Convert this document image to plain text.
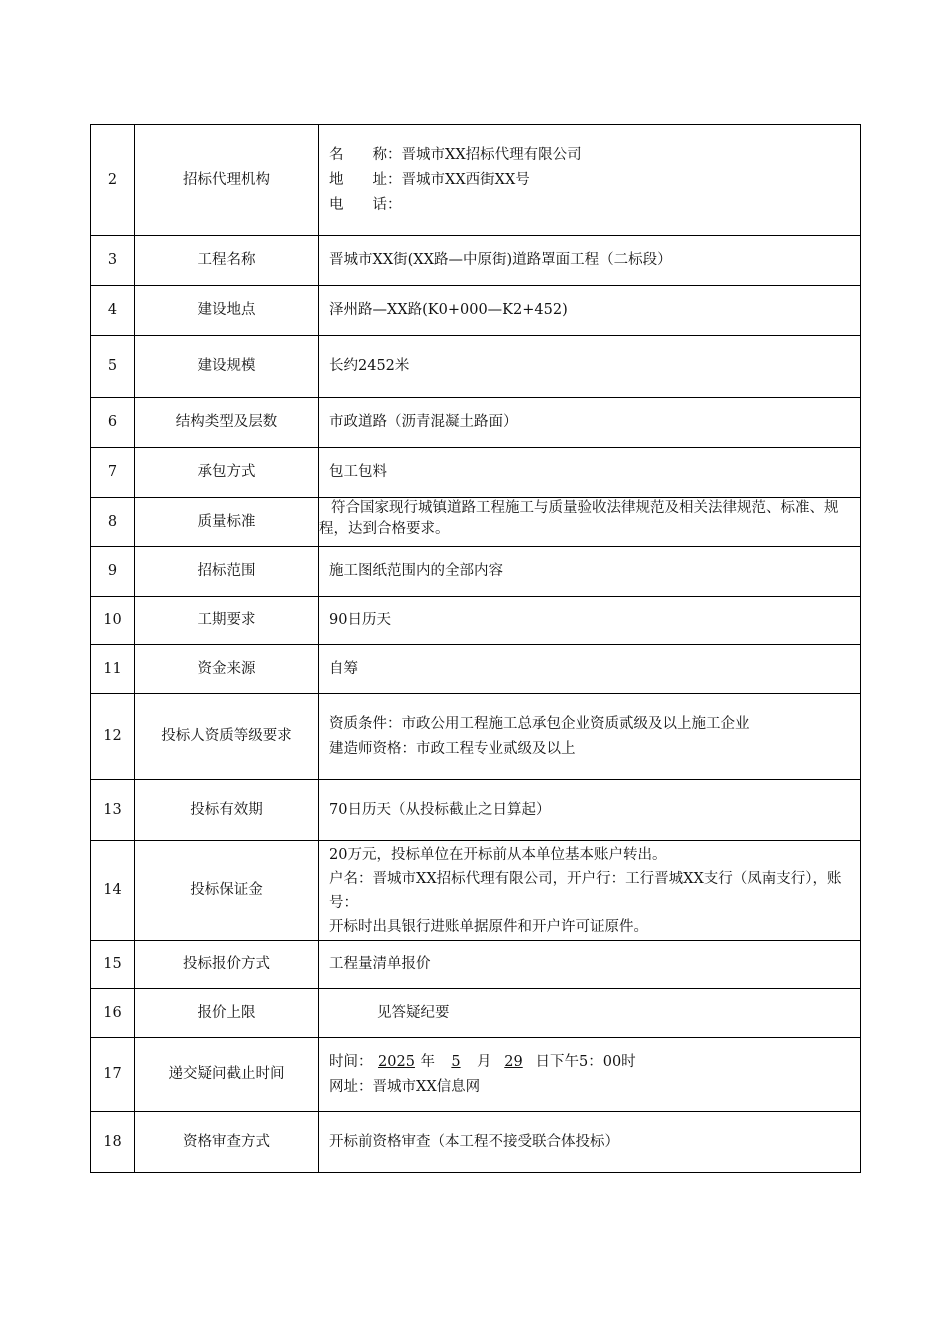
2	招标代理机构	名　　称：晋城市XX招标代理有限公司
地　　址：晋城市XX西街XX号
电　　话：

3	工程名称	晋城市XX街(XX路—中原街)道路罩面工程（二标段）

4	建设地点	泽州路—XX路(K0+000—K2+452)

5	建设规模	长约2452米

6	结构类型及层数	市政道路（沥青混凝土路面）

7	承包方式	包工包料

8	质量标准	符合国家现行城镇道路工程施工与质量验收法律规范及相关法律规范、标准、规程，达到合格要求。

9	招标范围	施工图纸范围内的全部内容

10	工期要求	90日历天

11	资金来源	自筹

12	投标人资质等级要求	资质条件：市政公用工程施工总承包企业资质贰级及以上施工企业
建造师资格：市政工程专业贰级及以上

13	投标有效期	70日历天（从投标截止之日算起）

14	投标保证金	20万元，投标单位在开标前从本单位基本账户转出。
户名：晋城市XX招标代理有限公司，开户行：工行晋城XX支行（凤南支行），账号：
开标时出具银行进账单据原件和开户许可证原件。

15	投标报价方式	工程量清单报价

16	报价上限	见答疑纪要

17	递交疑问截止时间	时间： 2025 年 5 月 29 日下午5：00时
网址：晋城市XX信息网

18	资格审查方式	开标前资格审查（本工程不接受联合体投标）
